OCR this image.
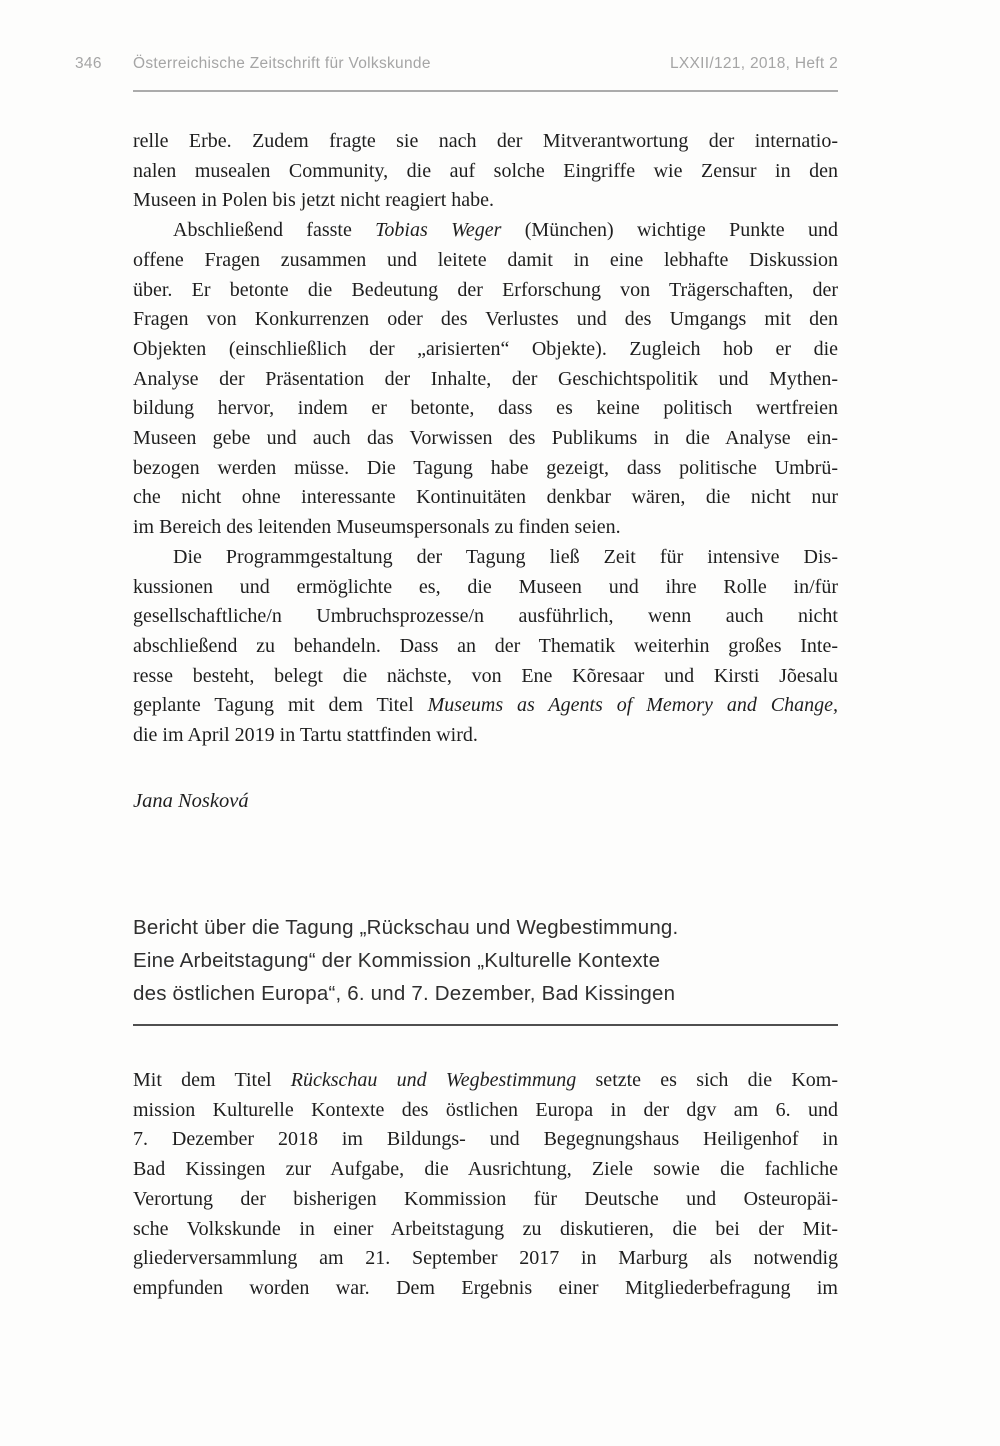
346 Österreichische Zeitschrift für Volkskunde	LXXII/121, 2018, Heft 2
relle Erbe. Zudem fragte sie nach der Mitverantwortung der internatio-
nalen musealen Community, die auf solche Eingriffe wie Zensur in den
Museen in Polen bis jetzt nicht reagiert habe.
Abschließend fasste Tobias Weger (München) wichtige Punkte und
offene Fragen zusammen und leitete damit in eine lebhafte Diskussion
über. Er betonte die Bedeutung der Erforschung von Trägerschaften, der
Fragen von Konkurrenzen oder des Verlustes und des Umgangs mit den
Objekten (einschließlich der „arisierten“ Objekte). Zugleich hob er die
Analyse der Präsentation der Inhalte, der Geschichtspolitik und Mythen-
bildung hervor, indem er betonte, dass es keine politisch wertfreien
Museen gebe und auch das Vorwissen des Publikums in die Analyse ein-
bezogen werden müsse. Die Tagung habe gezeigt, dass politische Umbrü-
che nicht ohne interessante Kontinuitäten denkbar wären, die nicht nur
im Bereich des leitenden Museumspersonals zu finden seien.
Die Programmgestaltung der Tagung ließ Zeit für intensive Dis-
kussionen und ermöglichte es, die Museen und ihre Rolle in/für
gesellschaftliche/n Umbruchsprozesse/n ausführlich, wenn auch nicht
abschließend zu behandeln. Dass an der Thematik weiterhin großes Inte-
resse besteht, belegt die nächste, von Ene Kõresaar und Kirsti Jõesalu
geplante Tagung mit dem Titel Museums as Agents of Memory and Change,
die im April 2019 in Tartu stattfinden wird.
Jana Nosková
Bericht über die Tagung „Rückschau und Wegbestimmung.
Eine Arbeitstagung“ der Kommission „Kulturelle Kontexte
des östlichen Europa“, 6. und 7. Dezember, Bad Kissingen
Mit dem Titel Rückschau und Wegbestimmung setzte es sich die Kom-
mission Kulturelle Kontexte des östlichen Europa in der dgv am 6. und
7. Dezember 2018 im Bildungs- und Begegnungshaus Heiligenhof in
Bad Kissingen zur Aufgabe, die Ausrichtung, Ziele sowie die fachliche
Verortung der bisherigen Kommission für Deutsche und Osteuropäi-
sche Volkskunde in einer Arbeitstagung zu diskutieren, die bei der Mit-
gliederversammlung am 21. September 2017 in Marburg als notwendig
empfunden worden war. Dem Ergebnis einer Mitgliederbefragung im
